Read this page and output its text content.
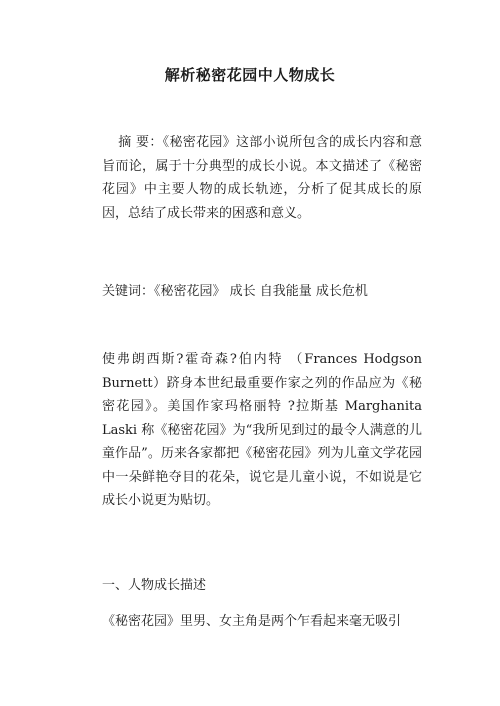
解析秘密花园中人物成长
摘 要：《秘密花园》这部小说所包含的成长内容和意旨而论，属于十分典型的成长小说。本文描述了《秘密花园》中主要人物的成长轨迹，分析了促其成长的原因，总结了成长带来的困惑和意义。
关键词：《秘密花园》 成长 自我能量 成长危机
使弗朗西斯?霍奇森?伯内特 （Frances Hodgson Burnett）跻身本世纪最重要作家之列的作品应为《秘密花园》。美国作家玛格丽特 ?拉斯基 Marghanita Laski 称《秘密花园》为“我所见到过的最令人满意的儿童作品”。历来各家都把《秘密花园》列为儿童文学花园中一朵鲜艳夺目的花朵，说它是儿童小说，不如说是它成长小说更为贴切。
一、人物成长描述
《秘密花园》里男、女主角是两个乍看起来毫无吸引
